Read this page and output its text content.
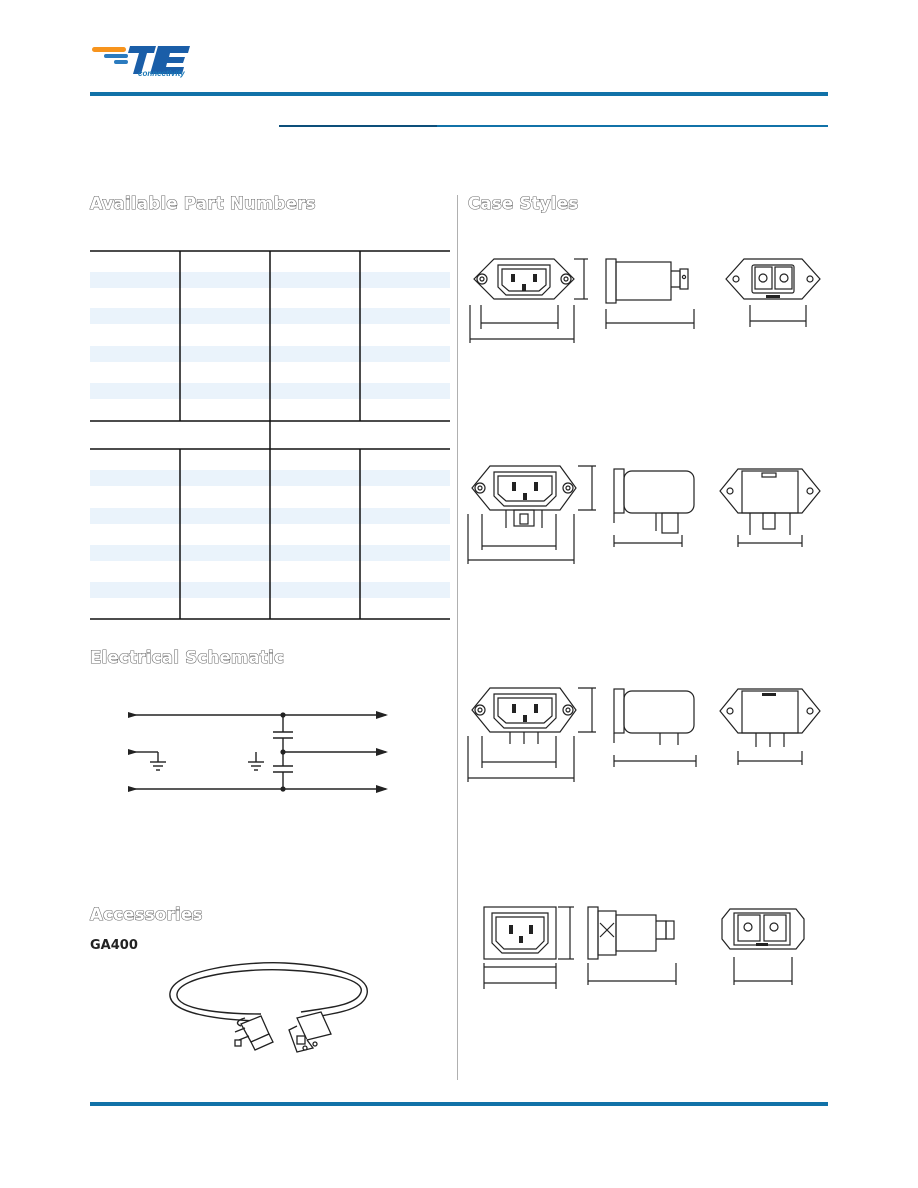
connectivity
Available Part Numbers	Case Styles
Electrical Schematic
Accessories
GA400
